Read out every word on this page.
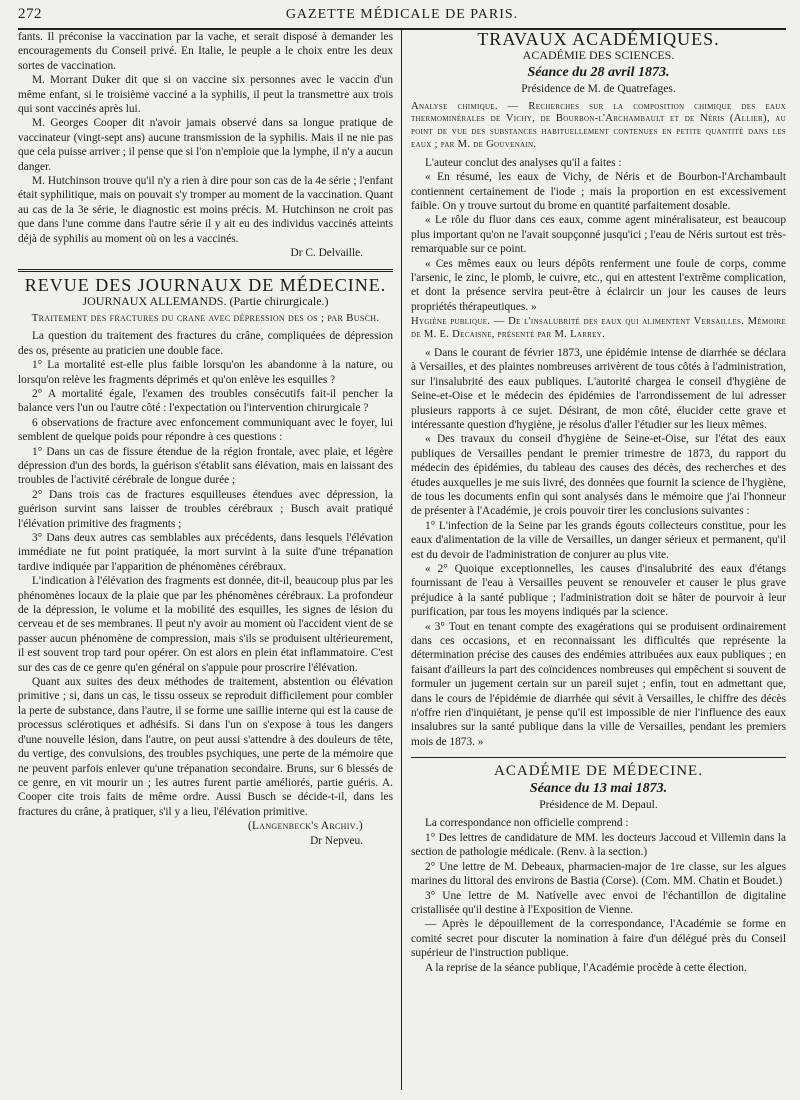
272	GAZETTE MÉDICALE DE PARIS.

fants. Il préconise la vaccination par la vache, et serait disposé à demander les encouragements du Conseil privé. En Italie, le peuple a le choix entre les deux sortes de vaccination.

M. Morrant Duker dit que si on vaccine six personnes avec le vaccin d'un même enfant, si le troisième vacciné a la syphilis, il peut la transmettre aux trois qui sont vaccinés après lui.

M. Georges Cooper dit n'avoir jamais observé dans sa longue pratique de vaccinateur (vingt-sept ans) aucune transmission de la syphilis. Mais il ne nie pas que cela puisse arriver ; il pense que si l'on n'emploie que la lymphe, il n'y a aucun danger.

M. Hutchinson trouve qu'il n'y a rien à dire pour son cas de la 4e série ; l'enfant était syphilitique, mais on pouvait s'y tromper au moment de la vaccination. Quant au cas de la 3e série, le diagnostic est moins précis. M. Hutchinson ne croit pas que dans l'une comme dans l'autre série il y ait eu des individus vaccinés atteints déjà de syphilis au moment où on les a vaccinés.

Dr C. Delvaille.

REVUE DES JOURNAUX DE MÉDECINE.
JOURNAUX ALLEMANDS. (Partie chirurgicale.)
Traitement des fractures du crane avec dépression des os ; par Busch.

La question du traitement des fractures du crâne, compliquées de dépression des os, présente au praticien une double face.

1° La mortalité est-elle plus faible lorsqu'on les abandonne à la nature, ou lorsqu'on relève les fragments déprimés et qu'on enlève les esquilles ?

2° A mortalité égale, l'examen des troubles consécutifs fait-il pencher la balance vers l'un ou l'autre côté : l'expectation ou l'intervention chirurgicale ?

6 observations de fracture avec enfoncement communiquant avec le foyer, lui semblent de quelque poids pour répondre à ces questions :

1° Dans un cas de fissure étendue de la région frontale, avec plaie, et légère dépression d'un des bords, la guérison s'établit sans élévation, mais en laissant des troubles de l'activité cérébrale de longue durée ;

2° Dans trois cas de fractures esquilleuses étendues avec dépression, la guérison survint sans laisser de troubles cérébraux ; Busch avait pratiqué l'élévation primitive des fragments ;

3° Dans deux autres cas semblables aux précédents, dans lesquels l'élévation immédiate ne fut point pratiquée, la mort survint à la suite d'une trépanation tardive indiquée par l'apparition de phénomènes cérébraux.

L'indication à l'élévation des fragments est donnée, dit-il, beaucoup plus par les phénomènes locaux de la plaie que par les phénomènes cérébraux. La profondeur de la dépression, le volume et la mobilité des esquilles, les signes de lésion du cerveau et de ses membranes. Il peut n'y avoir au moment où l'accident vient de se passer aucun phénomène de compression, mais s'ils se produisent ultérieurement, il est souvent trop tard pour opérer. On est alors en plein état inflammatoire. C'est sur des cas de ce genre qu'en général on s'appuie pour proscrire l'élévation.

Quant aux suites des deux méthodes de traitement, abstention ou élévation primitive ; si, dans un cas, le tissu osseux se reproduit difficilement pour combler la perte de substance, dans l'autre, il se forme une saillie interne qui est la cause de processus sclérotiques et adhésifs. Si dans l'un on s'expose à tous les dangers d'une nouvelle lésion, dans l'autre, on peut aussi s'attendre à des douleurs de tête, du vertige, des convulsions, des troubles psychiques, une perte de la mémoire que ne peuvent parfois enlever qu'une trépanation secondaire. Bruns, sur 6 blessés de ce genre, en vit mourir un ; les autres furent partie améliorés, partie guéris. A. Cooper cite trois faits de même ordre. Aussi Busch se décide-t-il, dans les fractures du crâne, à pratiquer, s'il y a lieu, l'élévation primitive.

(Langenbeck's Archiv.)

Dr Nepveu.

TRAVAUX ACADÉMIQUES.
ACADÉMIE DES SCIENCES.
Séance du 28 avril 1873.
Présidence de M. de Quatrefages.

Analyse chimique. — Recherches sur la composition chimique des eaux thermominérales de Vichy, de Bourbon-l'Archambault et de Néris (Allier), au point de vue des substances habituellement contenues en petite quantité dans les eaux ; par M. de Gouvenain.

L'auteur conclut des analyses qu'il a faites :

« En résumé, les eaux de Vichy, de Néris et de Bourbon-l'Archambault contiennent certainement de l'iode ; mais la proportion en est excessivement faible. On y trouve surtout du brome en quantité parfaitement dosable.

« Le rôle du fluor dans ces eaux, comme agent minéralisateur, est beaucoup plus important qu'on ne l'avait soupçonné jusqu'ici ; l'eau de Néris surtout est très-remarquable sur ce point.

« Ces mêmes eaux ou leurs dépôts renferment une foule de corps, comme l'arsenic, le zinc, le plomb, le cuivre, etc., qui en attestent l'extrême complication, et dont la présence servira peut-être à éclaircir un jour les causes de leurs propriétés thérapeutiques. »

Hygiène publique. — De l'insalubrité des eaux qui alimentent Versailles. Mémoire de M. E. Decaisne, présenté par M. Larrey.

« Dans le courant de février 1873, une épidémie intense de diarrhée se déclara à Versailles, et des plaintes nombreuses arrivèrent de tous côtés à l'administration, sur l'insalubrité des eaux publiques. L'autorité chargea le conseil d'hygiène de Seine-et-Oise et le médecin des épidémies de l'arrondissement de lui adresser plusieurs rapports à ce sujet. Désirant, de mon côté, élucider cette grave et intéressante question d'hygiène, je résolus d'aller l'étudier sur les lieux mêmes.

« Des travaux du conseil d'hygiène de Seine-et-Oise, sur l'état des eaux publiques de Versailles pendant le premier trimestre de 1873, du rapport du médecin des épidémies, du tableau des causes des décès, des recherches et des études auxquelles je me suis livré, des données que fournit la science de l'hygiène, de tous les documents enfin qui sont analysés dans le mémoire que j'ai l'honneur de présenter à l'Académie, je crois pouvoir tirer les conclusions suivantes :

1° L'infection de la Seine par les grands égouts collecteurs constitue, pour les eaux d'alimentation de la ville de Versailles, un danger sérieux et permanent, qu'il est du devoir de l'administration de conjurer au plus vite.

« 2° Quoique exceptionnelles, les causes d'insalubrité des eaux d'étangs fournissant de l'eau à Versailles peuvent se renouveler et causer le plus grave préjudice à la santé publique ; l'administration doit se hâter de pourvoir à leur purification, par tous les moyens indiqués par la science.

« 3° Tout en tenant compte des exagérations qui se produisent ordinairement dans ces occasions, et en reconnaissant les difficultés que représente la détermination précise des causes des endémies attribuées aux eaux publiques ; en faisant d'ailleurs la part des coïncidences nombreuses qui empêchent si souvent de formuler un jugement certain sur un pareil sujet ; enfin, tout en admettant que, dans le cours de l'épidémie de diarrhée qui sévit à Versailles, le chiffre des décès n'offre rien d'inquiétant, je pense qu'il est impossible de nier l'influence des eaux insalubres sur la santé publique dans la ville de Versailles, pendant les premiers mois de 1873. »

ACADÉMIE DE MÉDECINE.
Séance du 13 mai 1873.
Présidence de M. Depaul.

La correspondance non officielle comprend :

1° Des lettres de candidature de MM. les docteurs Jaccoud et Villemin dans la section de pathologie médicale. (Renv. à la section.)

2° Une lettre de M. Debeaux, pharmacien-major de 1re classe, sur les algues marines du littoral des environs de Bastia (Corse). (Com. MM. Chatin et Boudet.)

3° Une lettre de M. Natívelle avec envoi de l'échantillon de digitaline cristallisée qu'il destine à l'Exposition de Vienne.

— Après le dépouillement de la correspondance, l'Académie se forme en comité secret pour discuter la nomination à faire d'un délégué près du Conseil supérieur de l'instruction publique.

A la reprise de la séance publique, l'Académie procède à cette élection.
